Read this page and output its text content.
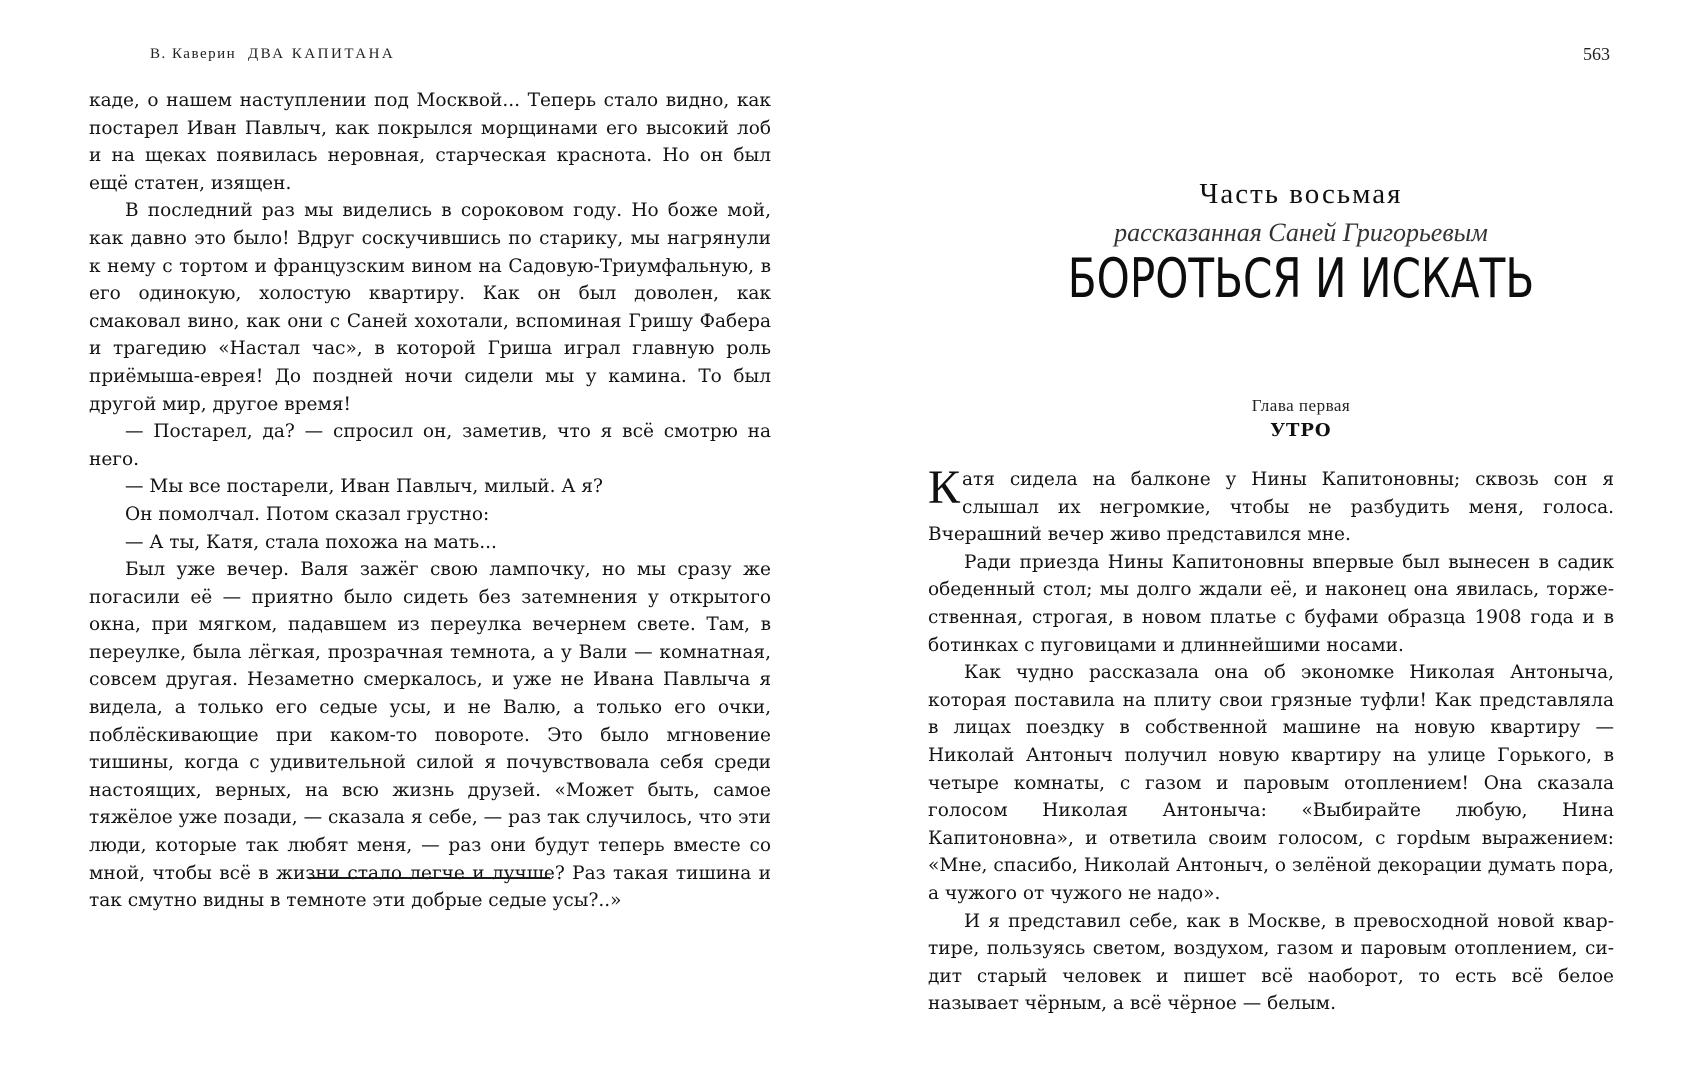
В. Каверин ДВА КАПИТАНА

каде, о нашем наступлении под Москвой... Теперь стало видно, как постарел Иван Павлыч, как покрылся морщинами его высокий лоб и на щеках появилась неровная, старческая краснота. Но он был ещё статен, изящен.

В последний раз мы виделись в сороковом году. Но боже мой, как давно это было! Вдруг соскучившись по старику, мы нагрянули к нему с тортом и французским вином на Садовую-Триумфальную, в его одинокую, холостую квартиру. Как он был доволен, как смаковал вино, как они с Саней хохотали, вспоминая Гришу Фабера и трагедию «Настал час», в которой Гриша играл главную роль приёмыша-еврея! До поздней ночи сидели мы у камина. То был другой мир, другое время!

— Постарел, да? — спросил он, заметив, что я всё смотрю на него.

— Мы все постарели, Иван Павлыч, милый. А я?

Он помолчал. Потом сказал грустно:

— А ты, Катя, стала похожа на мать...

Был уже вечер. Валя зажёг свою лампочку, но мы сразу же погасили её — приятно было сидеть без затемнения у открытого окна, при мягком, падавшем из переулка вечернем свете. Там, в переулке, была лёгкая, прозрачная темнота, а у Вали — комнатная, совсем другая. Незаметно смеркалось, и уже не Ивана Павлыча я видела, а только его седые усы, и не Валю, а только его очки, поблёскивающие при каком-то повороте. Это было мгновение тишины, когда с удивительной силой я почувствовала себя среди настоящих, верных, на всю жизнь друзей. «Может быть, самое тяжёлое уже позади, — сказала я себе, — раз так случилось, что эти люди, которые так любят меня, — раз они будут теперь вместе со мной, чтобы всё в жизни стало легче и лучше? Раз такая тишина и так смутно видны в темноте эти добрые седые усы?..»

563
Часть восьмая
рассказанная Саней Григорьевым
БОРОТЬСЯ И ИСКАТЬ
Глава первая
УТРО

Катя сидела на балконе у Нины Капитоновны; сквозь сон я слышал их негромкие, чтобы не разбудить меня, голоса. Вчерашний вечер живо представился мне.

Ради приезда Нины Капитоновны впервые был вынесен в садик обеденный стол; мы долго ждали её, и наконец она явилась, торжественная, строгая, в новом платье с буфами образца 1908 года и в ботинках с пуговицами и длиннейшими носами.

Как чудно рассказала она об экономке Николая Антоныча, которая поставила на плиту свои грязные туфли! Как представляла в лицах поездку в собственной машине на новую квартиру — Николай Антоныч получил новую квартиру на улице Горького, в четыре комнаты, с газом и паровым отоплением! Она сказала голосом Николая Антоныча: «Выбирайте любую, Нина Капитоновна», и ответила своим голосом, с горdым выражением: «Мне, спасибо, Николай Антоныч, о зелёной декорации думать пора, а чужого от чужого не надо».

И я представил себе, как в Москве, в превосходной новой квартире, пользуясь светом, воздухом, газом и паровым отоплением, сидит старый человек и пишет всё наоборот, то есть всё белое называет чёрным, а всё чёрное — белым.
